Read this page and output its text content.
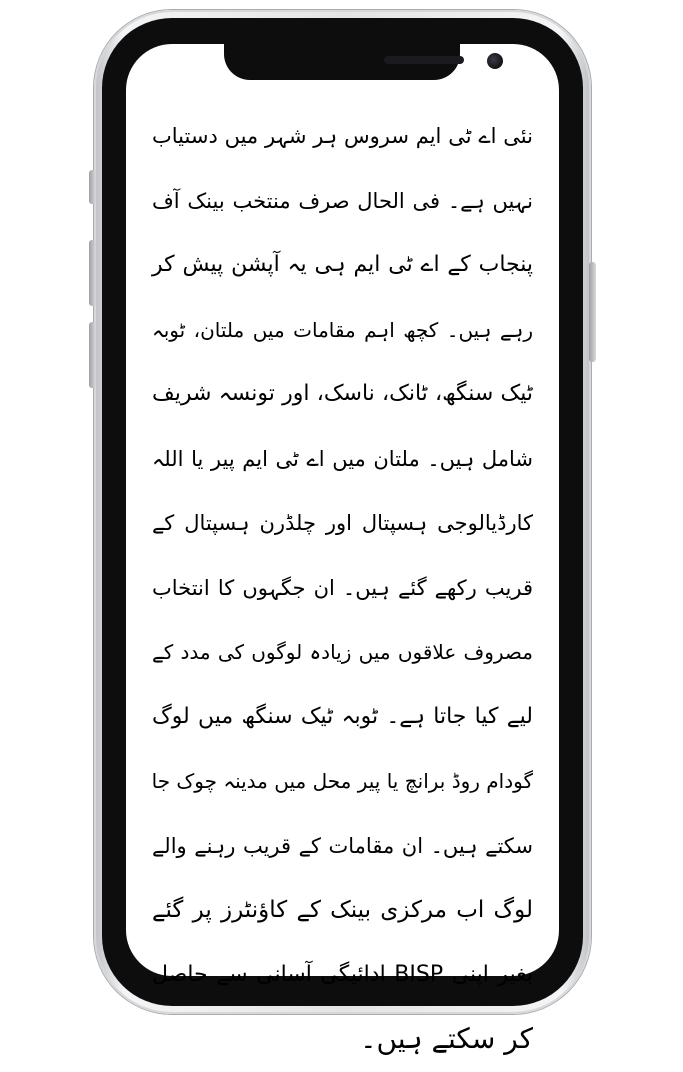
نئی اے ٹی ایم سروس ہر شہر میں دستیاب
نہیں ہے۔ فی الحال صرف منتخب بینک آف
پنجاب کے اے ٹی ایم ہی یہ آپشن پیش کر
رہے ہیں۔ کچھ اہم مقامات میں ملتان، ٹوبہ
ٹیک سنگھ، ٹانک، ناسک، اور تونسہ شریف
شامل ہیں۔ ملتان میں اے ٹی ایم پیر یا اللہ
کارڈیالوجی ہسپتال اور چلڈرن ہسپتال کے
قریب رکھے گئے ہیں۔ ان جگہوں کا انتخاب
مصروف علاقوں میں زیادہ لوگوں کی مدد کے
لیے کیا جاتا ہے۔ ٹوبہ ٹیک سنگھ میں لوگ
گودام روڈ برانچ یا پیر محل میں مدینہ چوک جا
سکتے ہیں۔ ان مقامات کے قریب رہنے والے
لوگ اب مرکزی بینک کے کاؤنٹرز پر گئے
بغیر اپنی BISP ادائیگی آسانی سے حاصل
کر سکتے ہیں۔
